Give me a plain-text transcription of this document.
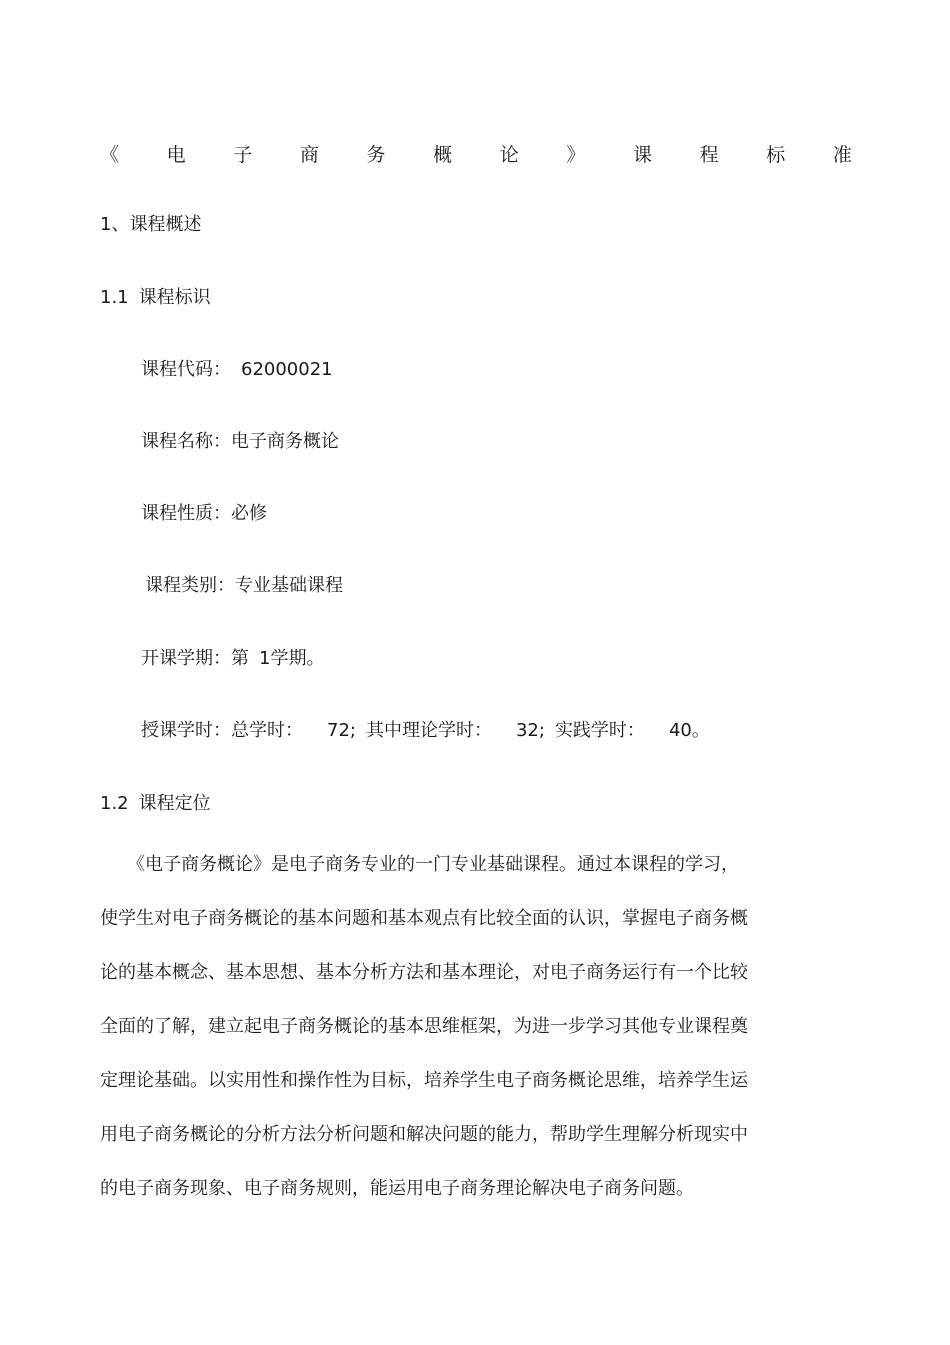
《	电	子	商	务	概	论	》	课	程	标	准
1、课程概述
1.1 课程标识
课程代码： 62000021
课程名称：电子商务概论
课程性质：必修
课程类别：专业基础课程
开课学期：第 1学期。
授课学时：总学时： 72; 其中理论学时： 32; 实践学时： 40。
1.2 课程定位
　　《电子商务概论》是电子商务专业的一门专业基础课程。通过本课程的学习，
使学生对电子商务概论的基本问题和基本观点有比较全面的认识，掌握电子商务概
论的基本概念、基本思想、基本分析方法和基本理论，对电子商务运行有一个比较
全面的了解，建立起电子商务概论的基本思维框架，为进一步学习其他专业课程奠
定理论基础。以实用性和操作性为目标，培养学生电子商务概论思维，培养学生运
用电子商务概论的分析方法分析问题和解决问题的能力，帮助学生理解分析现实中
的电子商务现象、电子商务规则，能运用电子商务理论解决电子商务问题。
